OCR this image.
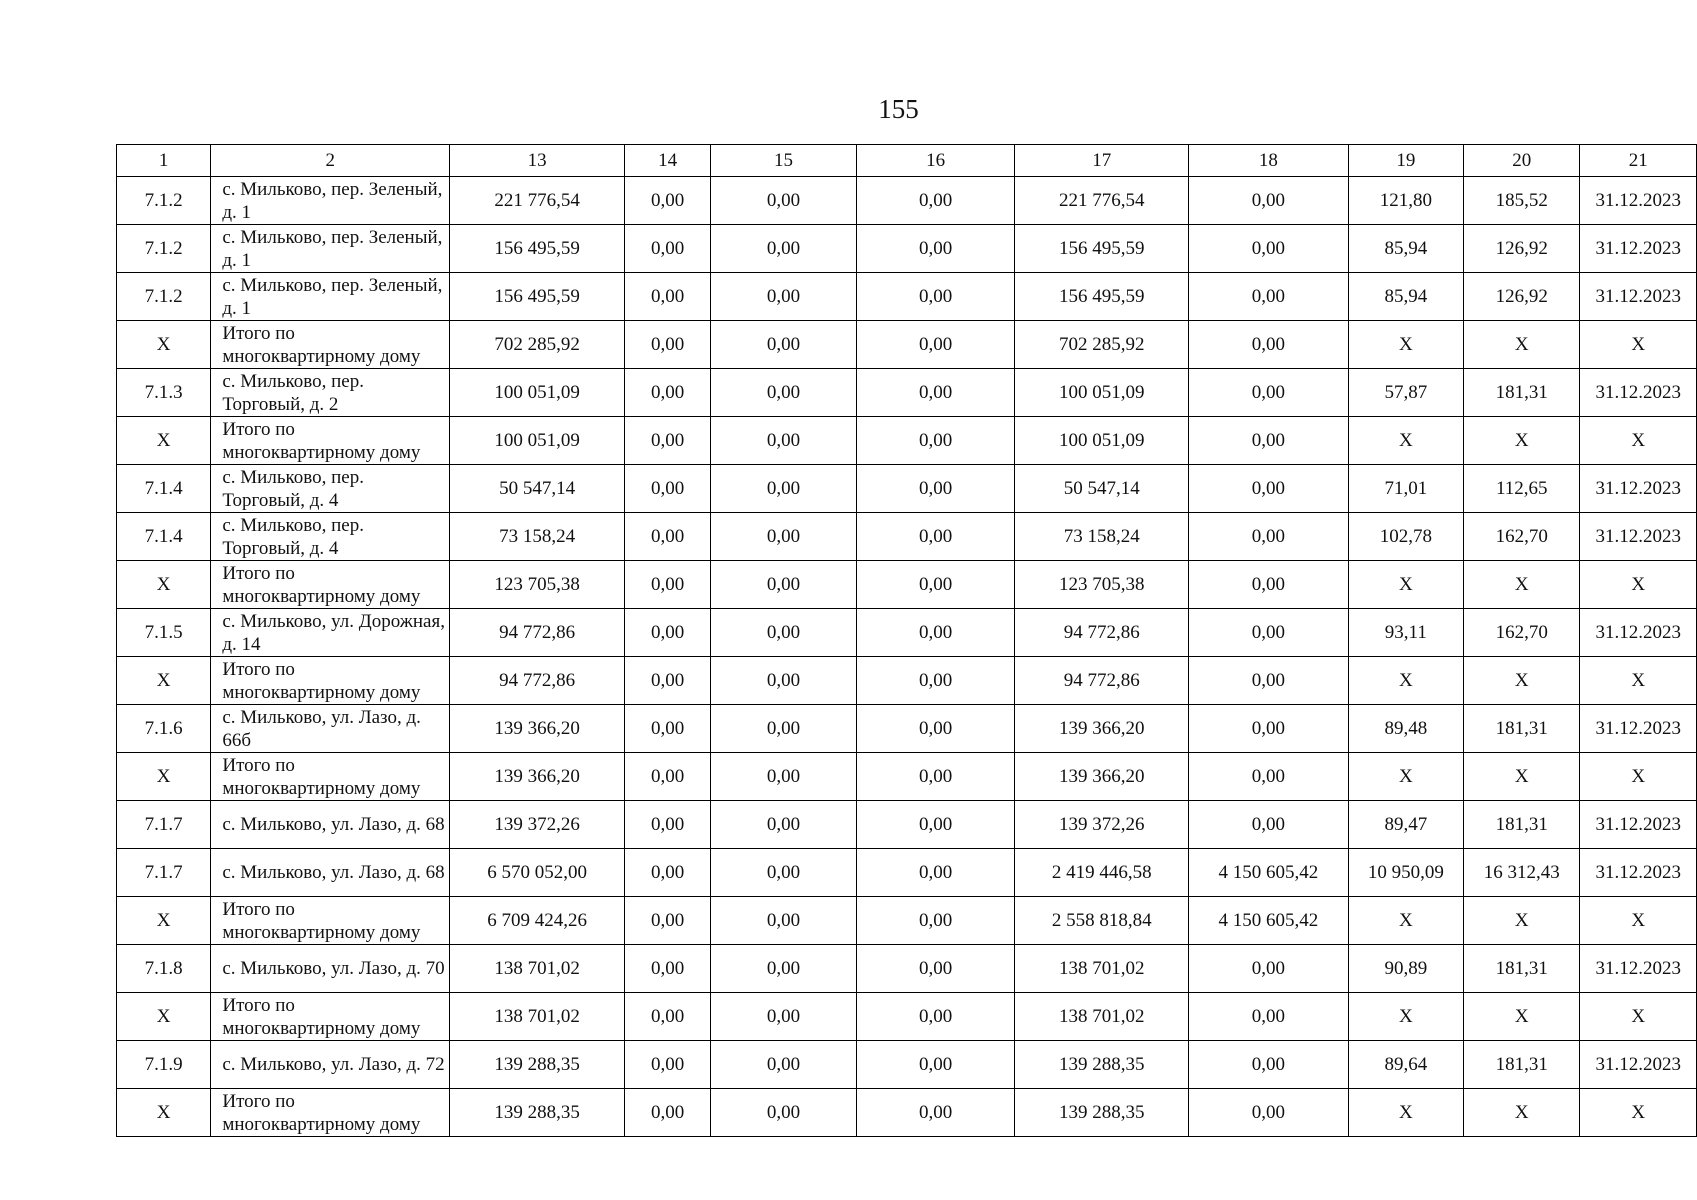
155
1	2	13	14	15	16	17	18	19	20	21
7.1.2	с. Мильково, пер. Зеленый, д. 1	221 776,54	0,00	0,00	0,00	221 776,54	0,00	121,80	185,52	31.12.2023
7.1.2	с. Мильково, пер. Зеленый, д. 1	156 495,59	0,00	0,00	0,00	156 495,59	0,00	85,94	126,92	31.12.2023
7.1.2	с. Мильково, пер. Зеленый, д. 1	156 495,59	0,00	0,00	0,00	156 495,59	0,00	85,94	126,92	31.12.2023
X	Итого по многоквартирному дому	702 285,92	0,00	0,00	0,00	702 285,92	0,00	X	X	X
7.1.3	с. Мильково, пер. Торговый, д. 2	100 051,09	0,00	0,00	0,00	100 051,09	0,00	57,87	181,31	31.12.2023
X	Итого по многоквартирному дому	100 051,09	0,00	0,00	0,00	100 051,09	0,00	X	X	X
7.1.4	с. Мильково, пер. Торговый, д. 4	50 547,14	0,00	0,00	0,00	50 547,14	0,00	71,01	112,65	31.12.2023
7.1.4	с. Мильково, пер. Торговый, д. 4	73 158,24	0,00	0,00	0,00	73 158,24	0,00	102,78	162,70	31.12.2023
X	Итого по многоквартирному дому	123 705,38	0,00	0,00	0,00	123 705,38	0,00	X	X	X
7.1.5	с. Мильково, ул. Дорожная, д. 14	94 772,86	0,00	0,00	0,00	94 772,86	0,00	93,11	162,70	31.12.2023
X	Итого по многоквартирному дому	94 772,86	0,00	0,00	0,00	94 772,86	0,00	X	X	X
7.1.6	с. Мильково, ул. Лазо, д. 66б	139 366,20	0,00	0,00	0,00	139 366,20	0,00	89,48	181,31	31.12.2023
X	Итого по многоквартирному дому	139 366,20	0,00	0,00	0,00	139 366,20	0,00	X	X	X
7.1.7	с. Мильково, ул. Лазо, д. 68	139 372,26	0,00	0,00	0,00	139 372,26	0,00	89,47	181,31	31.12.2023
7.1.7	с. Мильково, ул. Лазо, д. 68	6 570 052,00	0,00	0,00	0,00	2 419 446,58	4 150 605,42	10 950,09	16 312,43	31.12.2023
X	Итого по многоквартирному дому	6 709 424,26	0,00	0,00	0,00	2 558 818,84	4 150 605,42	X	X	X
7.1.8	с. Мильково, ул. Лазо, д. 70	138 701,02	0,00	0,00	0,00	138 701,02	0,00	90,89	181,31	31.12.2023
X	Итого по многоквартирному дому	138 701,02	0,00	0,00	0,00	138 701,02	0,00	X	X	X
7.1.9	с. Мильково, ул. Лазо, д. 72	139 288,35	0,00	0,00	0,00	139 288,35	0,00	89,64	181,31	31.12.2023
X	Итого по многоквартирному дому	139 288,35	0,00	0,00	0,00	139 288,35	0,00	X	X	X
